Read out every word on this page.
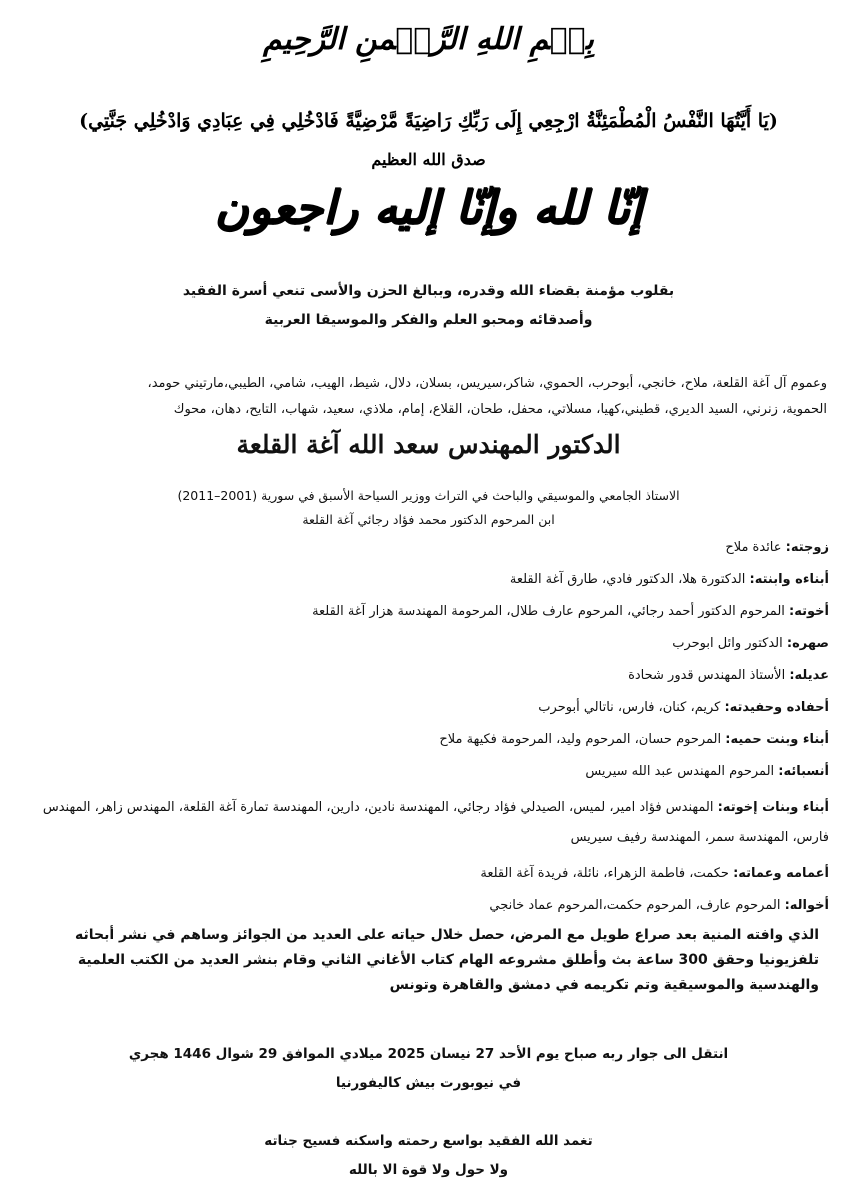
بِسۡمِ اللهِ الرَّحۡمنِ الرَّحِيمِ
(يَا أَيَّتُهَا النَّفْسُ الْمُطْمَئِنَّةُ ارْجِعِي إِلَى رَبِّكِ رَاضِيَةً مَّرْضِيَّةً فَادْخُلِي فِي عِبَادِي وَادْخُلِي جَنَّتِي)
صدق الله العظيم
إنّا لله وإنّا إليه راجعون
بقلوب مؤمنة بقضاء الله وقدره، وببالغ الحزن والأسى تنعي أسرة الفقيد
وأصدقائه ومحبو العلم والفكر والموسيقا العربية
وعموم آل آغة القلعة، ملاح، خانجي، أبوحرب، الحموي، شاكر،سيريس، بسلان، دلال، شيط، الهيب، شامي، الطيبي،مارتيني حومد،
الحموية، زنرني، السيد الديري، قطيني،كهيا، مسلاتي، محفل، طحان، القلاع، إمام، ملاذي، سعيد، شهاب، التايح، دهان، محوك
الدكتور المهندس سعد الله آغة القلعة
الاستاذ الجامعي والموسيقي والباحث في التراث ووزير السياحة الأسبق في سورية (2001–2011)
ابن المرحوم الدكتور محمد فؤاد رجائي آغة القلعة
زوجته: عائدة ملاح
أبناءه وابنته: الدكتورة هلا، الدكتور فادي، طارق آغة القلعة
أخوته: المرحوم الدكتور أحمد رجائي، المرحوم عارف طلال، المرحومة المهندسة هزار آغة القلعة
صهره: الدكتور وائل ابوحرب
عديله: الأستاذ المهندس قدور شحادة
أحفاده وحفيدته: كريم، كنان، فارس، ناتالي أبوحرب
أبناء وبنت حميه: المرحوم حسان، المرحوم وليد، المرحومة فكيهة ملاح
أنسبائه: المرحوم المهندس عبد الله سيريس
أبناء وبنات إخوته: المهندس فؤاد امير، لميس، الصيدلي فؤاد رجائي، المهندسة نادين، دارين، المهندسة تمارة آغة القلعة، المهندس زاهر، المهندس فارس، المهندسة سمر، المهندسة رفيف سيريس
أعمامه وعماته: حكمت، فاطمة الزهراء، نائلة، فريدة آغة القلعة
أخواله: المرحوم عارف، المرحوم حكمت،المرحوم عماد خانجي
الذي وافته المنية بعد صراع طويل مع المرض، حصل خلال حياته على العديد من الجوائز وساهم في نشر أبحاثه تلفزيونيا وحقق 300 ساعة بث وأطلق مشروعه الهام كتاب الأغاني الثاني وقام بنشر العديد من الكتب العلمية والهندسية والموسيقية وتم تكريمه في دمشق والقاهرة وتونس
انتقل الى جوار ربه صباح يوم الأحد 27 نيسان 2025 ميلادي الموافق 29 شوال 1446 هجري
في نيوبورت بيش كاليفورنيا
تغمد الله الفقيد بواسع رحمته واسكنه فسيح جناته
ولا حول ولا قوة الا بالله
